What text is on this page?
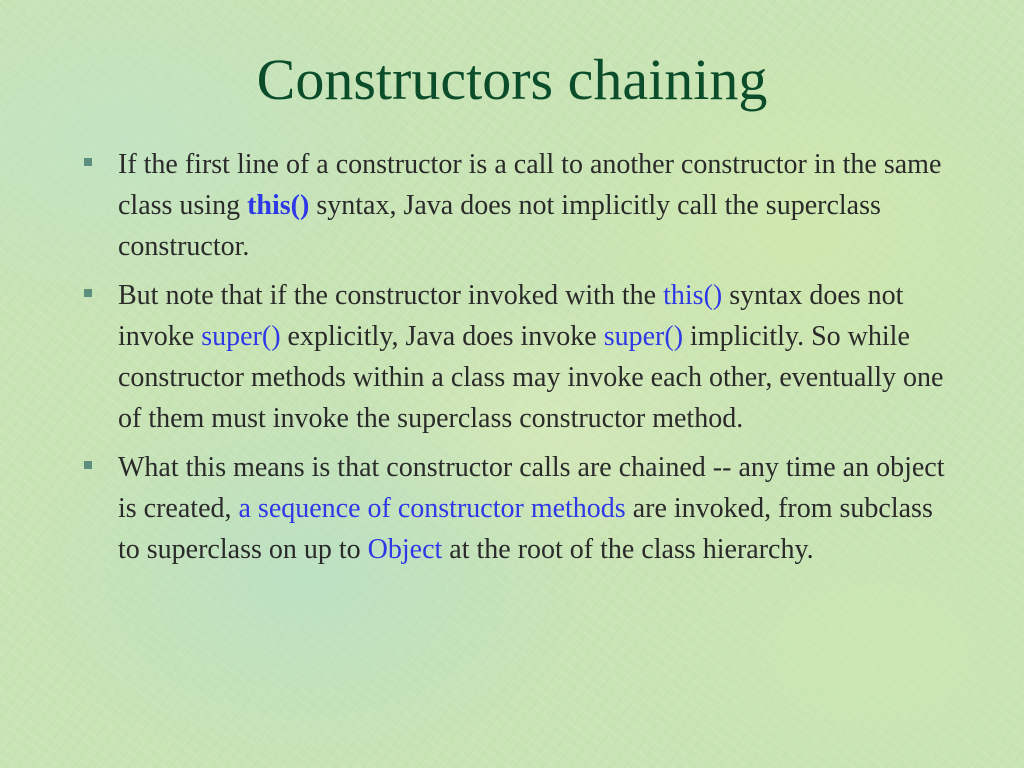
Constructors chaining
If the first line of a constructor is a call to another constructor in the same class using this() syntax, Java does not implicitly call the superclass constructor.
But note that if the constructor invoked with the this() syntax does not invoke super() explicitly, Java does invoke super() implicitly. So while constructor methods within a class may invoke each other, eventually one of them must invoke the superclass constructor method.
What this means is that constructor calls are chained -- any time an object is created, a sequence of constructor methods are invoked, from subclass to superclass on up to Object at the root of the class hierarchy.
